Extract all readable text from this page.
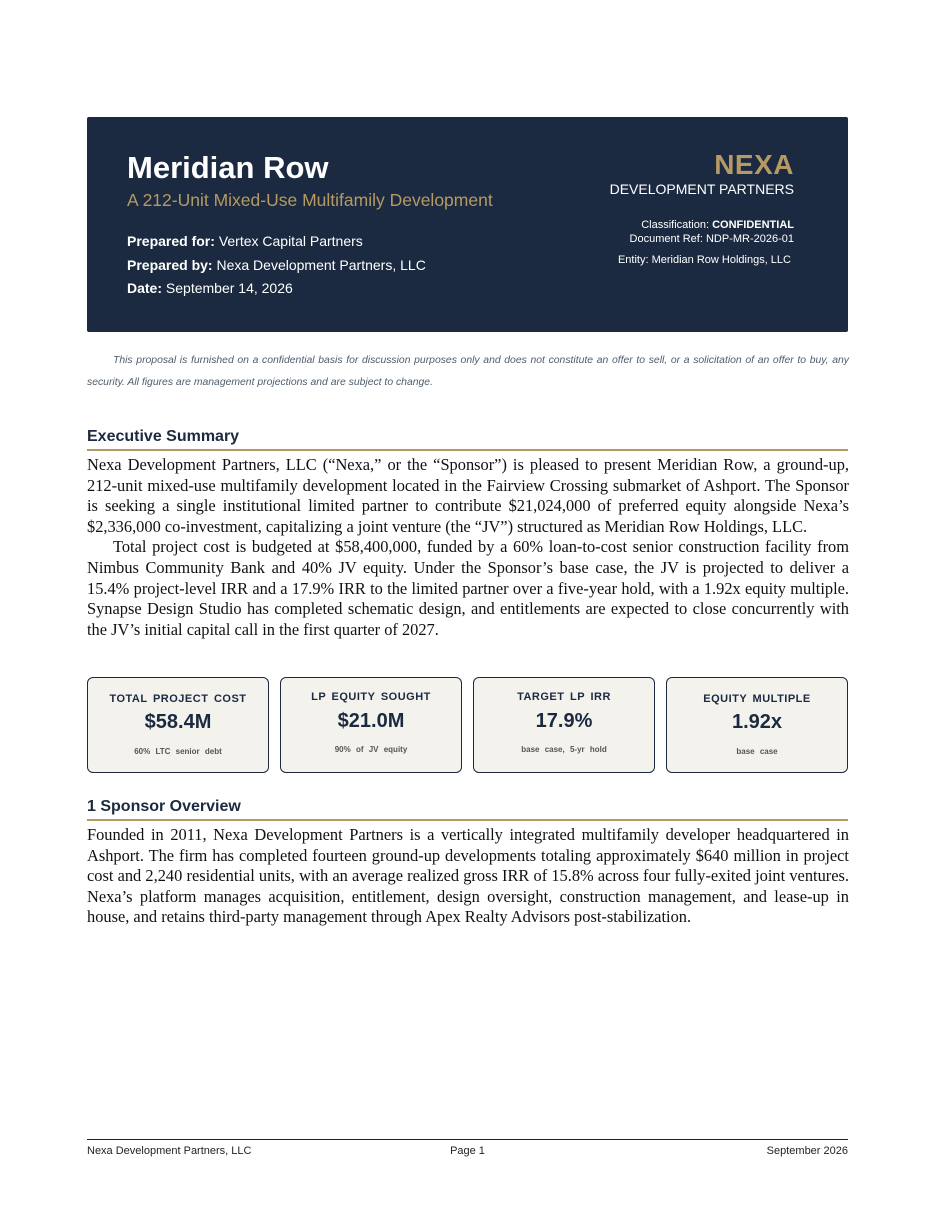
Meridian Row
A 212-Unit Mixed-Use Multifamily Development
Prepared for: Vertex Capital Partners
Prepared by: Nexa Development Partners, LLC
Date: September 14, 2026
NEXA
DEVELOPMENT PARTNERS
Classification: CONFIDENTIAL
Document Ref: NDP-MR-2026-01
Entity: Meridian Row Holdings, LLC

This proposal is furnished on a confidential basis for discussion purposes only and does not constitute an offer to sell, or a solicitation of an offer to buy, any security. All figures are management projections and are subject to change.

Executive Summary

Nexa Development Partners, LLC (“Nexa,” or the “Sponsor”) is pleased to present Meridian Row, a ground-up, 212-unit mixed-use multifamily development located in the Fairview Crossing submarket of Ashport. The Sponsor is seeking a single institutional limited partner to contribute $21,024,000 of preferred equity alongside Nexa’s $2,336,000 co-investment, capitalizing a joint venture (the “JV”) structured as Meridian Row Holdings, LLC.

Total project cost is budgeted at $58,400,000, funded by a 60% loan-to-cost senior construction facility from Nimbus Community Bank and 40% JV equity. Under the Sponsor’s base case, the JV is projected to deliver a 15.4% project-level IRR and a 17.9% IRR to the limited partner over a five-year hold, with a 1.92x equity multiple. Synapse Design Studio has completed schematic design, and entitlements are expected to close concurrently with the JV’s initial capital call in the first quarter of 2027.

TOTAL PROJECT COST
$58.4M
60% LTC senior debt
LP EQUITY SOUGHT
$21.0M
90% of JV equity
TARGET LP IRR
17.9%
base case, 5-yr hold
EQUITY MULTIPLE
1.92x
base case
1 Sponsor Overview

Founded in 2011, Nexa Development Partners is a vertically integrated multifamily developer headquartered in Ashport. The firm has completed fourteen ground-up developments totaling approximately $640 million in project cost and 2,240 residential units, with an average realized gross IRR of 15.8% across four fully-exited joint ventures. Nexa’s platform manages acquisition, entitlement, design oversight, construction management, and lease-up in house, and retains third-party management through Apex Realty Advisors post-stabilization.

Nexa Development Partners, LLC	Page 1	September 2026
